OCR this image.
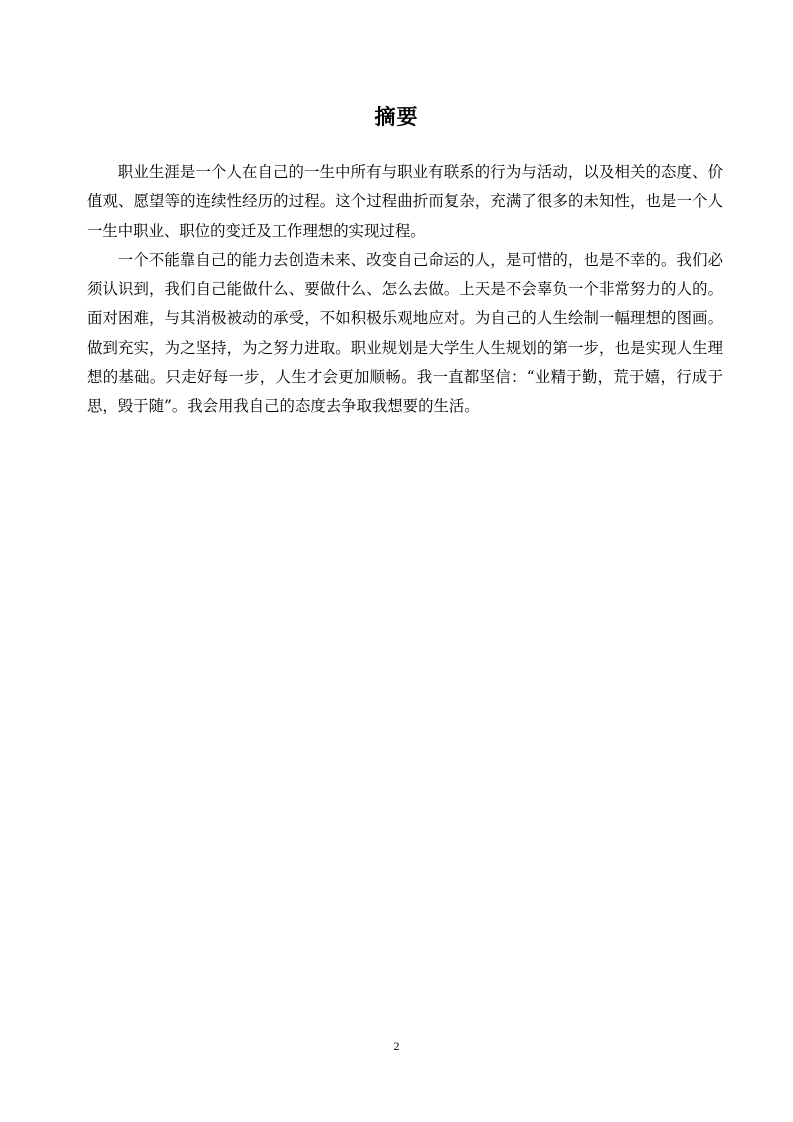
摘要

职业生涯是一个人在自己的一生中所有与职业有联系的行为与活动，以及相关的态度、价值观、愿望等的连续性经历的过程。这个过程曲折而复杂，充满了很多的未知性，也是一个人一生中职业、职位的变迁及工作理想的实现过程。

一个不能靠自己的能力去创造未来、改变自己命运的人，是可惜的，也是不幸的。我们必须认识到，我们自己能做什么、要做什么、怎么去做。上天是不会辜负一个非常努力的人的。面对困难，与其消极被动的承受，不如积极乐观地应对。为自己的人生绘制一幅理想的图画。做到充实，为之坚持，为之努力进取。职业规划是大学生人生规划的第一步，也是实现人生理想的基础。只走好每一步，人生才会更加顺畅。我一直都坚信：“业精于勤，荒于嬉，行成于思，毁于随”。我会用我自己的态度去争取我想要的生活。

2
